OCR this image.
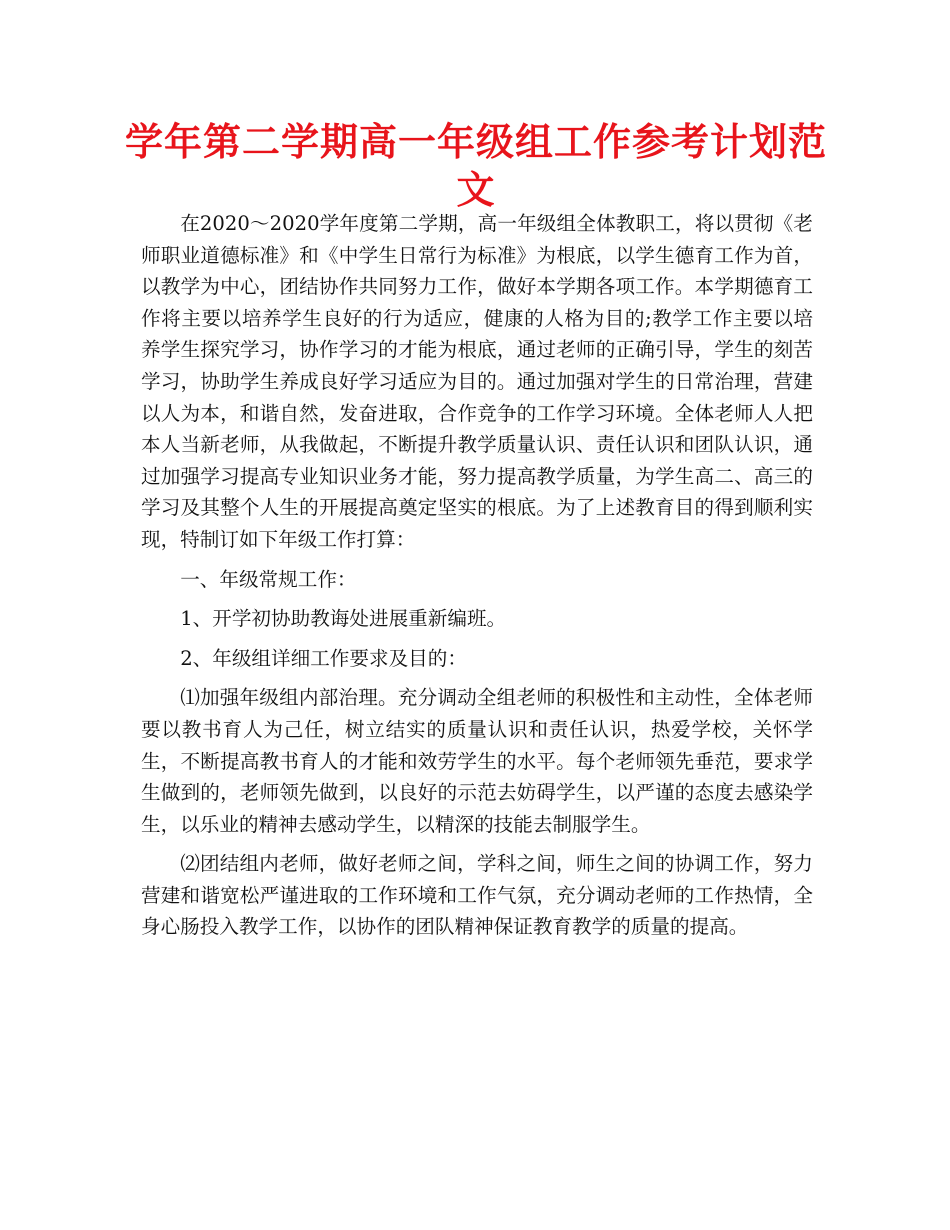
学年第二学期高一年级组工作参考计划范文

在2020～2020学年度第二学期，高一年级组全体教职工，将以贯彻《老师职业道德标准》和《中学生日常行为标准》为根底，以学生德育工作为首，以教学为中心，团结协作共同努力工作，做好本学期各项工作。本学期德育工作将主要以培养学生良好的行为适应，健康的人格为目的;教学工作主要以培养学生探究学习，协作学习的才能为根底，通过老师的正确引导，学生的刻苦学习，协助学生养成良好学习适应为目的。通过加强对学生的日常治理，营建以人为本，和谐自然，发奋进取，合作竞争的工作学习环境。全体老师人人把本人当新老师，从我做起，不断提升教学质量认识、责任认识和团队认识，通过加强学习提高专业知识业务才能，努力提高教学质量，为学生高二、高三的学习及其整个人生的开展提高奠定坚实的根底。为了上述教育目的得到顺利实现，特制订如下年级工作打算：

一、年级常规工作：

1、开学初协助教诲处进展重新编班。

2、年级组详细工作要求及目的：

⑴加强年级组内部治理。充分调动全组老师的积极性和主动性，全体老师要以教书育人为己任，树立结实的质量认识和责任认识，热爱学校，关怀学生，不断提高教书育人的才能和效劳学生的水平。每个老师领先垂范，要求学生做到的，老师领先做到，以良好的示范去妨碍学生，以严谨的态度去感染学生，以乐业的精神去感动学生，以精深的技能去制服学生。

⑵团结组内老师，做好老师之间，学科之间，师生之间的协调工作，努力营建和谐宽松严谨进取的工作环境和工作气氛，充分调动老师的工作热情，全身心肠投入教学工作，以协作的团队精神保证教育教学的质量的提高。
